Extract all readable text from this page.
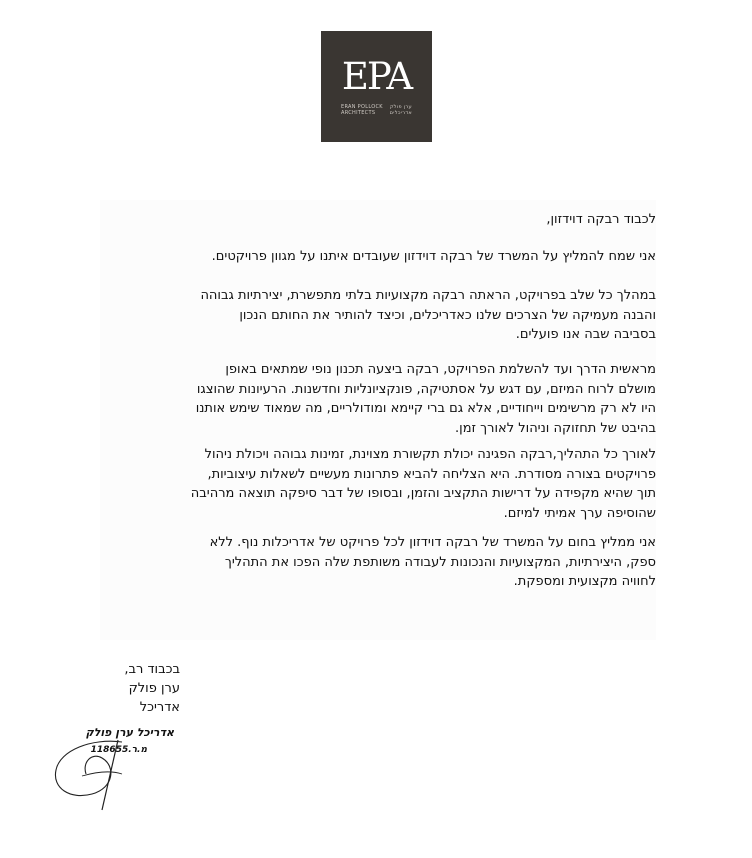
EPA
ERAN POLLOCK
ARCHITECTS
ערן פולק
אדריכלים

לכבוד רבקה דוידזון,

אני שמח להמליץ על המשרד של רבקה דוידזון שעובדים איתנו על מגוון פרויקטים.

במהלך כל שלב בפרויקט, הראתה רבקה מקצועיות בלתי מתפשרת, יצירתיות גבוהה
והבנה מעמיקה של הצרכים שלנו כאדריכלים, וכיצד להותיר את החותם הנכון
בסביבה שבה אנו פועלים.

מראשית הדרך ועד להשלמת הפרויקט, רבקה ביצעה תכנון נופי שמתאים באופן
מושלם לרוח המיזם, עם דגש על אסתטיקה, פונקציונליות וחדשנות. הרעיונות שהוצגו
היו לא רק מרשימים וייחודיים, אלא גם ברי קיימא ומודולריים, מה שמאוד שימש אותנו
בהיבט של תחזוקה וניהול לאורך זמן.

לאורך כל התהליך,רבקה הפגינה יכולת תקשורת מצוינת, זמינות גבוהה ויכולת ניהול
פרויקטים בצורה מסודרת. היא הצליחה להביא פתרונות מעשיים לשאלות עיצוביות,
תוך שהיא מקפידה על דרישות התקציב והזמן, ובסופו של דבר סיפקה תוצאה מרהיבה
שהוסיפה ערך אמיתי למיזם.

אני ממליץ בחום על המשרד של רבקה דוידזון לכל פרויקט של אדריכלות נוף. ללא
ספק, היצירתיות, המקצועיות והנכונות לעבודה משותפת שלה הפכו את התהליך
לחוויה מקצועית ומספקת.

בכבוד רב,
ערן פולק
אדריכל
אדריכל ערן פולק
מ.ר.118655
